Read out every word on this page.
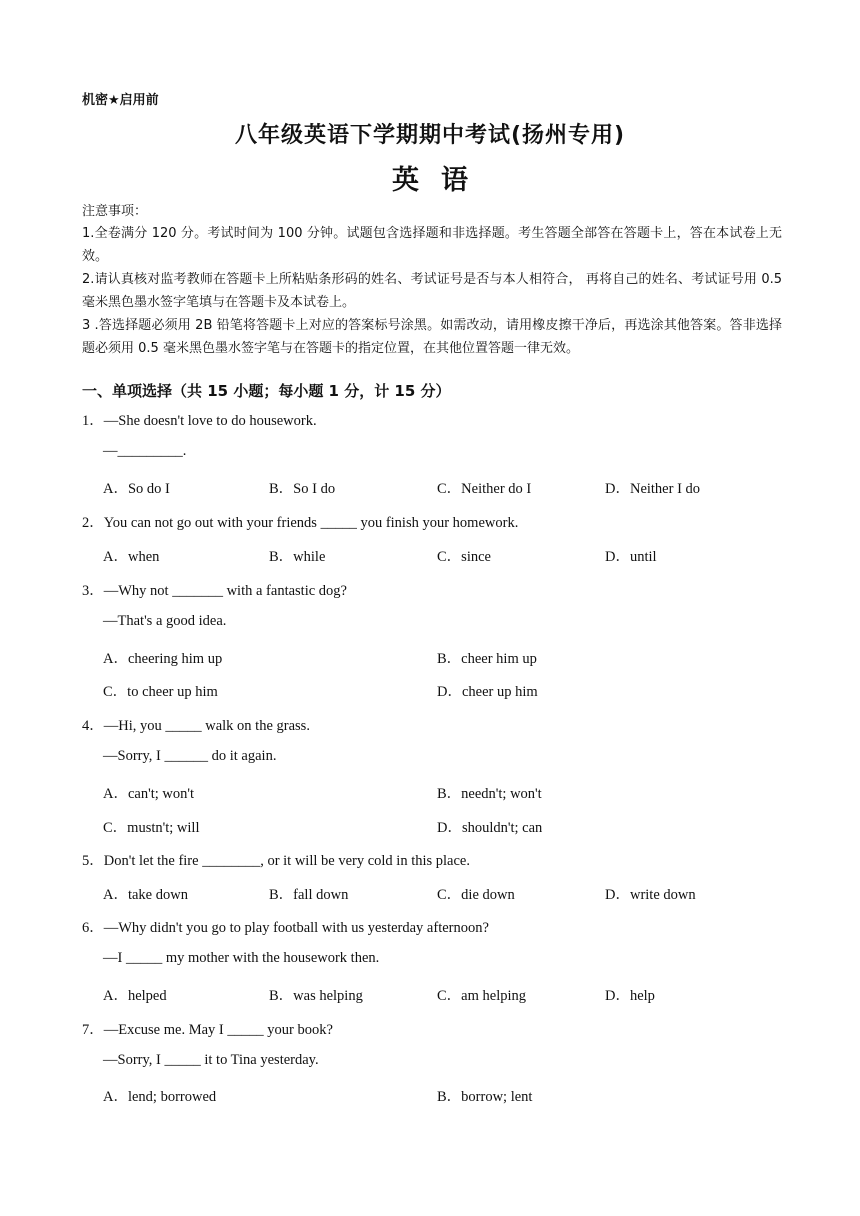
机密★启用前
八年级英语下学期期中考试(扬州专用)
英语
注意事项：
1.全卷满分 120 分。考试时间为 100 分钟。试题包含选择题和非选择题。考生答题全部答在答题卡上，答在本试卷上无效。
2.请认真核对监考教师在答题卡上所粘贴条形码的姓名、考试证号是否与本人相符合， 再将自己的姓名、考试证号用 0.5 毫米黑色墨水签字笔填与在答题卡及本试卷上。
3 .答选择题必须用 2B 铅笔将答题卡上对应的答案标号涂黑。如需改动，请用橡皮擦干净后，再选涂其他答案。答非选择题必须用 0.5 毫米黑色墨水签字笔与在答题卡的指定位置，在其他位置答题一律无效。
一、单项选择（共 15 小题；每小题 1 分，计 15 分）
1．—She doesn't love to do housework.
—_________.
A．So do I	B．So I do	C．Neither do I	D．Neither I do
2．You can not go out with your friends _____ you finish your homework.
A．when	B．while	C．since	D．until
3．—Why not _______ with a fantastic dog?
—That's a good idea.
A．cheering him up	B．cheer him up
C．to cheer up him	D．cheer up him
4．—Hi, you _____ walk on the grass.
—Sorry, I ______ do it again.
A．can't; won't	B．needn't; won't
C．mustn't; will	D．shouldn't; can
5．Don't let the fire ________, or it will be very cold in this place.
A．take down	B．fall down	C．die down	D．write down
6．—Why didn't you go to play football with us yesterday afternoon?
—I _____ my mother with the housework then.
A．helped	B．was helping	C．am helping	D．help
7．—Excuse me. May I _____ your book?
—Sorry, I _____ it to Tina yesterday.
A．lend; borrowed	B．borrow; lent
